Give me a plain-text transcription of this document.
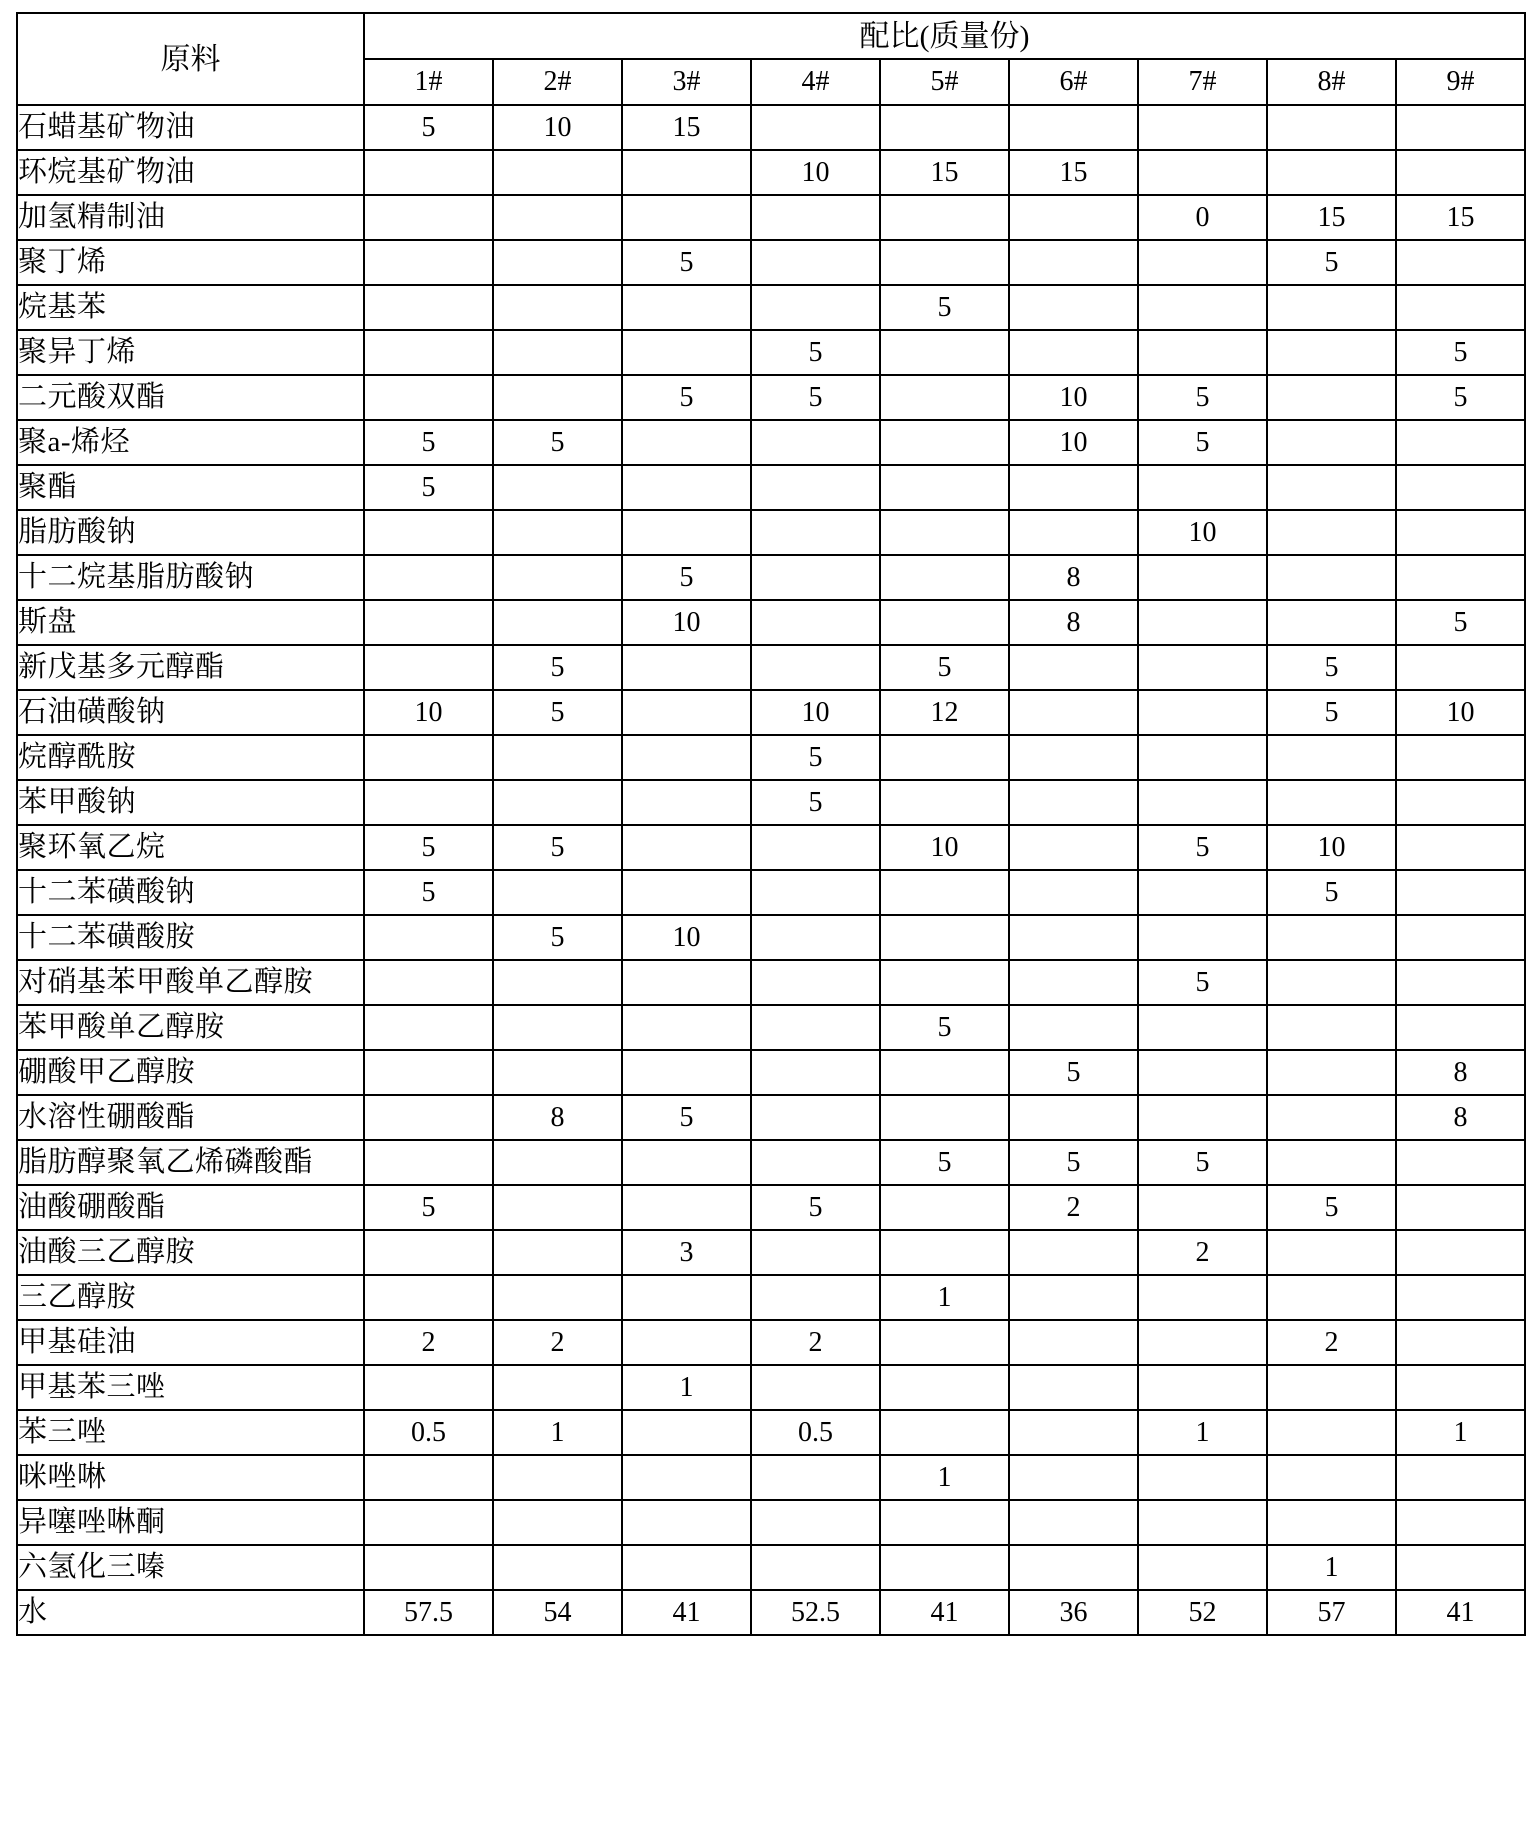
原料	配比(质量份)								
	1#	2#	3#	4#	5#	6#	7#	8#	9#
石蜡基矿物油	5	10	15						
环烷基矿物油				10	15	15			
加氢精制油							0	15	15
聚丁烯			5					5	
烷基苯					5				
聚异丁烯				5					5
二元酸双酯			5	5		10	5		5
聚a-烯烃	5	5				10	5		
聚酯	5								
脂肪酸钠							10		
十二烷基脂肪酸钠			5			8			
斯盘			10			8			5
新戊基多元醇酯		5			5			5	
石油磺酸钠	10	5		10	12			5	10
烷醇酰胺				5					
苯甲酸钠				5					
聚环氧乙烷	5	5			10		5	10	
十二苯磺酸钠	5							5	
十二苯磺酸胺		5	10						
对硝基苯甲酸单乙醇胺							5		
苯甲酸单乙醇胺					5				
硼酸甲乙醇胺						5			8
水溶性硼酸酯		8	5						8
脂肪醇聚氧乙烯磷酸酯					5	5	5		
油酸硼酸酯	5			5		2		5	
油酸三乙醇胺			3				2		
三乙醇胺					1				
甲基硅油	2	2		2				2	
甲基苯三唑			1						
苯三唑	0.5	1		0.5			1		1
咪唑啉					1				
异噻唑啉酮									
六氢化三嗪								1	
水	57.5	54	41	52.5	41	36	52	57	41
